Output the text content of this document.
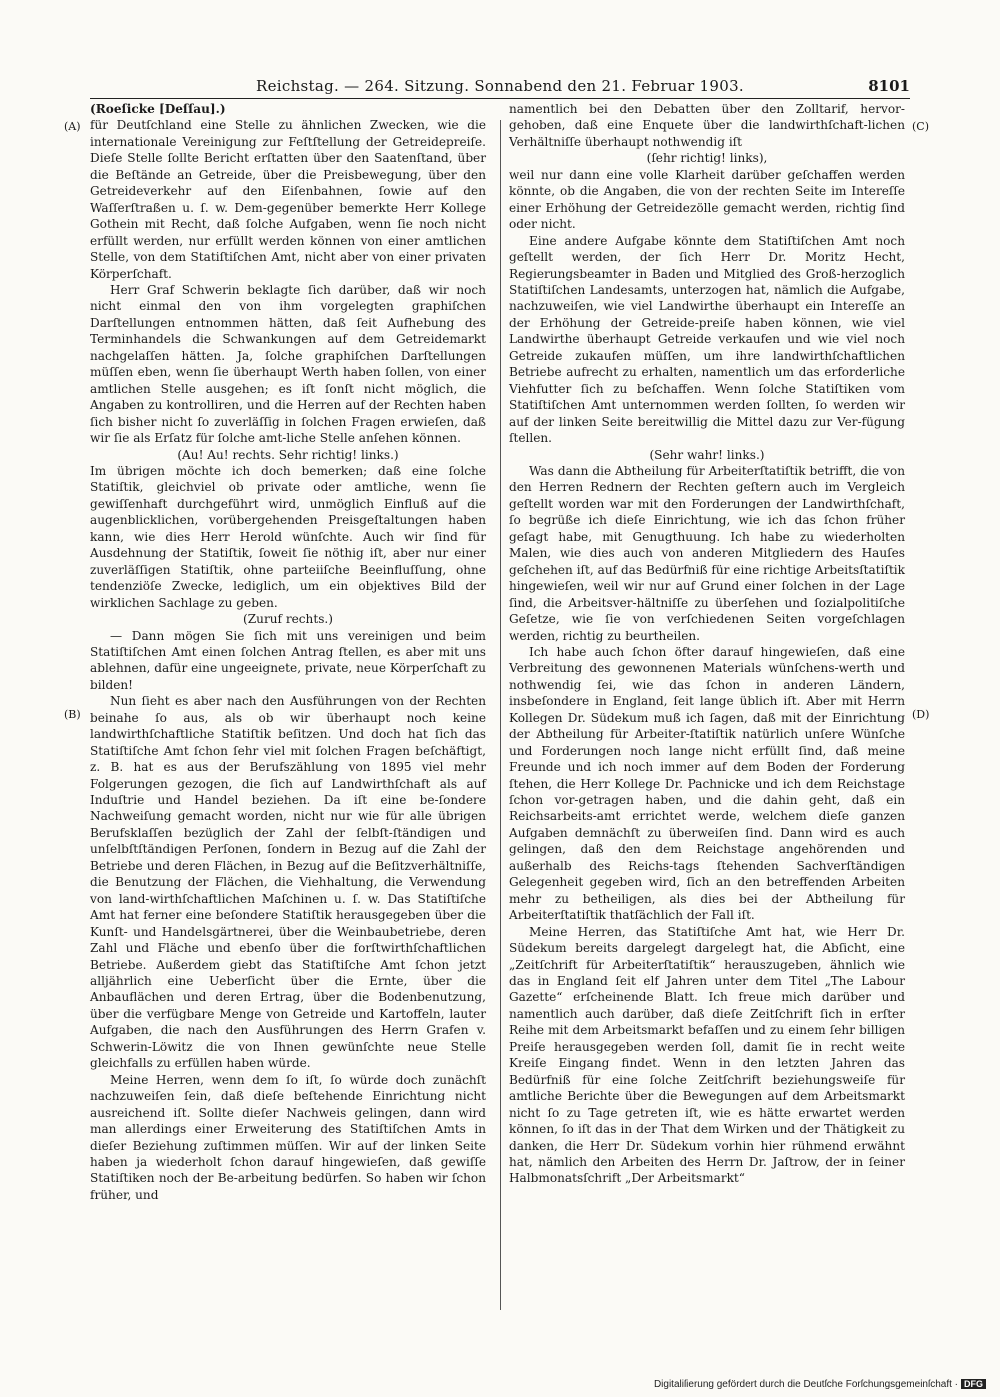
Reichstag. — 264. Sitzung. Sonnabend den 21. Februar 1903.	8101
(A)
(B)
(C)
(D)

(Roeſicke [Deſſau].)

für Deutſchland eine Stelle zu ähnlichen Zwecken, wie die internationale Vereinigung zur Feſtſtellung der Getreidepreiſe. Dieſe Stelle ſollte Bericht erſtatten über den Saatenſtand, über die Beſtände an Getreide, über die Preisbewegung, über den Getreideverkehr auf den Eiſenbahnen, ſowie auf den Waſſerſtraßen u. ſ. w. Dem-gegenüber bemerkte Herr Kollege Gothein mit Recht, daß ſolche Aufgaben, wenn ſie noch nicht erfüllt werden, nur erfüllt werden können von einer amtlichen Stelle, von dem Statiſtiſchen Amt, nicht aber von einer privaten Körperſchaft.

Herr Graf Schwerin beklagte ſich darüber, daß wir noch nicht einmal den von ihm vorgelegten graphiſchen Darſtellungen entnommen hätten, daß ſeit Aufhebung des Terminhandels die Schwankungen auf dem Getreidemarkt nachgelaſſen hätten. Ja, ſolche graphiſchen Darſtellungen müſſen eben, wenn ſie überhaupt Werth haben ſollen, von einer amtlichen Stelle ausgehen; es iſt ſonſt nicht möglich, die Angaben zu kontrolliren, und die Herren auf der Rechten haben ſich bisher nicht ſo zuverläſſig in ſolchen Fragen erwieſen, daß wir ſie als Erſatz für ſolche amt-liche Stelle anſehen können.

(Au! Au! rechts. Sehr richtig! links.)

Im übrigen möchte ich doch bemerken; daß eine ſolche Statiſtik, gleichviel ob private oder amtliche, wenn ſie gewiſſenhaft durchgeführt wird, unmöglich Einfluß auf die augenblicklichen, vorübergehenden Preisgeſtaltungen haben kann, wie dies Herr Herold wünſchte. Auch wir ſind für Ausdehnung der Statiſtik, ſoweit ſie nöthig iſt, aber nur einer zuverläſſigen Statiſtik, ohne parteiiſche Beeinfluſſung, ohne tendenziöſe Zwecke, lediglich, um ein objektives Bild der wirklichen Sachlage zu geben.

(Zuruf rechts.)

— Dann mögen Sie ſich mit uns vereinigen und beim Statiſtiſchen Amt einen ſolchen Antrag ſtellen, es aber mit uns ablehnen, dafür eine ungeeignete, private, neue Körperſchaft zu bilden!

Nun ſieht es aber nach den Ausführungen von der Rechten beinahe ſo aus, als ob wir überhaupt noch keine landwirthſchaftliche Statiſtik beſitzen. Und doch hat ſich das Statiſtiſche Amt ſchon ſehr viel mit ſolchen Fragen beſchäftigt, z. B. hat es aus der Berufszählung von 1895 viel mehr Folgerungen gezogen, die ſich auf Landwirthſchaft als auf Induſtrie und Handel beziehen. Da iſt eine be-ſondere Nachweiſung gemacht worden, nicht nur wie für alle übrigen Berufsklaſſen bezüglich der Zahl der ſelbſt-ſtändigen und unſelbſtſtändigen Perſonen, ſondern in Bezug auf die Zahl der Betriebe und deren Flächen, in Bezug auf die Beſitzverhältniſſe, die Benutzung der Flächen, die Viehhaltung, die Verwendung von land-wirthſchaftlichen Maſchinen u. ſ. w. Das Statiſtiſche Amt hat ferner eine beſondere Statiſtik herausgegeben über die Kunſt- und Handelsgärtnerei, über die Weinbaubetriebe, deren Zahl und Fläche und ebenſo über die forſtwirthſchaftlichen Betriebe. Außerdem giebt das Statiſtiſche Amt ſchon jetzt alljährlich eine Ueberſicht über die Ernte, über die Anbauflächen und deren Ertrag, über die Bodenbenutzung, über die verfügbare Menge von Getreide und Kartoffeln, lauter Aufgaben, die nach den Ausführungen des Herrn Grafen v. Schwerin-Löwitz die von Ihnen gewünſchte neue Stelle gleichfalls zu erfüllen haben würde.

Meine Herren, wenn dem ſo iſt, ſo würde doch zunächſt nachzuweiſen ſein, daß dieſe beſtehende Einrichtung nicht ausreichend iſt. Sollte dieſer Nachweis gelingen, dann wird man allerdings einer Erweiterung des Statiſtiſchen Amts in dieſer Beziehung zuſtimmen müſſen. Wir auf der linken Seite haben ja wiederholt ſchon darauf hingewieſen, daß gewiſſe Statiſtiken noch der Be-arbeitung bedürfen. So haben wir ſchon früher, und

namentlich bei den Debatten über den Zolltarif, hervor-gehoben, daß eine Enquete über die landwirthſchaft-lichen Verhältniſſe überhaupt nothwendig iſt

(ſehr richtig! links),

weil nur dann eine volle Klarheit darüber geſchaffen werden könnte, ob die Angaben, die von der rechten Seite im Intereſſe einer Erhöhung der Getreidezölle gemacht werden, richtig ſind oder nicht.

Eine andere Aufgabe könnte dem Statiſtiſchen Amt noch geſtellt werden, der ſich Herr Dr. Moritz Hecht, Regierungsbeamter in Baden und Mitglied des Groß-herzoglich Statiſtiſchen Landesamts, unterzogen hat, nämlich die Aufgabe, nachzuweiſen, wie viel Landwirthe überhaupt ein Intereſſe an der Erhöhung der Getreide-preiſe haben können, wie viel Landwirthe überhaupt Getreide verkaufen und wie viel noch Getreide zukaufen müſſen, um ihre landwirthſchaftlichen Betriebe aufrecht zu erhalten, namentlich um das erforderliche Viehfutter ſich zu beſchaffen. Wenn ſolche Statiſtiken vom Statiſtiſchen Amt unternommen werden ſollten, ſo werden wir auf der linken Seite bereitwillig die Mittel dazu zur Ver-fügung ſtellen.

(Sehr wahr! links.)

Was dann die Abtheilung für Arbeiterſtatiſtik betrifft, die von den Herren Rednern der Rechten geſtern auch im Vergleich geſtellt worden war mit den Forderungen der Landwirthſchaft, ſo begrüße ich dieſe Einrichtung, wie ich das ſchon früher geſagt habe, mit Genugthuung. Ich habe zu wiederholten Malen, wie dies auch von anderen Mitgliedern des Hauſes geſchehen iſt, auf das Bedürfniß für eine richtige Arbeitsſtatiſtik hingewieſen, weil wir nur auf Grund einer ſolchen in der Lage ſind, die Arbeitsver-hältniſſe zu überſehen und ſozialpolitiſche Geſetze, wie ſie von verſchiedenen Seiten vorgeſchlagen werden, richtig zu beurtheilen.

Ich habe auch ſchon öfter darauf hingewieſen, daß eine Verbreitung des gewonnenen Materials wünſchens-werth und nothwendig ſei, wie das ſchon in anderen Ländern, insbeſondere in England, ſeit lange üblich iſt. Aber mit Herrn Kollegen Dr. Südekum muß ich ſagen, daß mit der Einrichtung der Abtheilung für Arbeiter-ſtatiſtik natürlich unſere Wünſche und Forderungen noch lange nicht erfüllt ſind, daß meine Freunde und ich noch immer auf dem Boden der Forderung ſtehen, die Herr Kollege Dr. Pachnicke und ich dem Reichstage ſchon vor-getragen haben, und die dahin geht, daß ein Reichsarbeits-amt errichtet werde, welchem dieſe ganzen Aufgaben demnächſt zu überweiſen ſind. Dann wird es auch gelingen, daß den dem Reichstage angehörenden und außerhalb des Reichs-tags ſtehenden Sachverſtändigen Gelegenheit gegeben wird, ſich an den betreffenden Arbeiten mehr zu betheiligen, als dies bei der Abtheilung für Arbeiterſtatiſtik thatſächlich der Fall iſt.

Meine Herren, das Statiſtiſche Amt hat, wie Herr Dr. Südekum bereits dargelegt dargelegt hat, die Abſicht, eine „Zeitſchrift für Arbeiterſtatiſtik“ herauszugeben, ähnlich wie das in England ſeit elf Jahren unter dem Titel „The Labour Gazette“ erſcheinende Blatt. Ich freue mich darüber und namentlich auch darüber, daß dieſe Zeitſchrift ſich in erſter Reihe mit dem Arbeitsmarkt befaſſen und zu einem ſehr billigen Preiſe herausgegeben werden ſoll, damit ſie in recht weite Kreiſe Eingang findet. Wenn in den letzten Jahren das Bedürfniß für eine ſolche Zeitſchrift beziehungsweiſe für amtliche Berichte über die Bewegungen auf dem Arbeitsmarkt nicht ſo zu Tage getreten iſt, wie es hätte erwartet werden können, ſo iſt das in der That dem Wirken und der Thätigkeit zu danken, die Herr Dr. Südekum vorhin hier rühmend erwähnt hat, nämlich den Arbeiten des Herrn Dr. Jaſtrow, der in ſeiner Halbmonatsſchrift „Der Arbeitsmarkt“

Digitaliſierung gefördert durch die Deutſche Forſchungsgemeinſchaft · DFG
